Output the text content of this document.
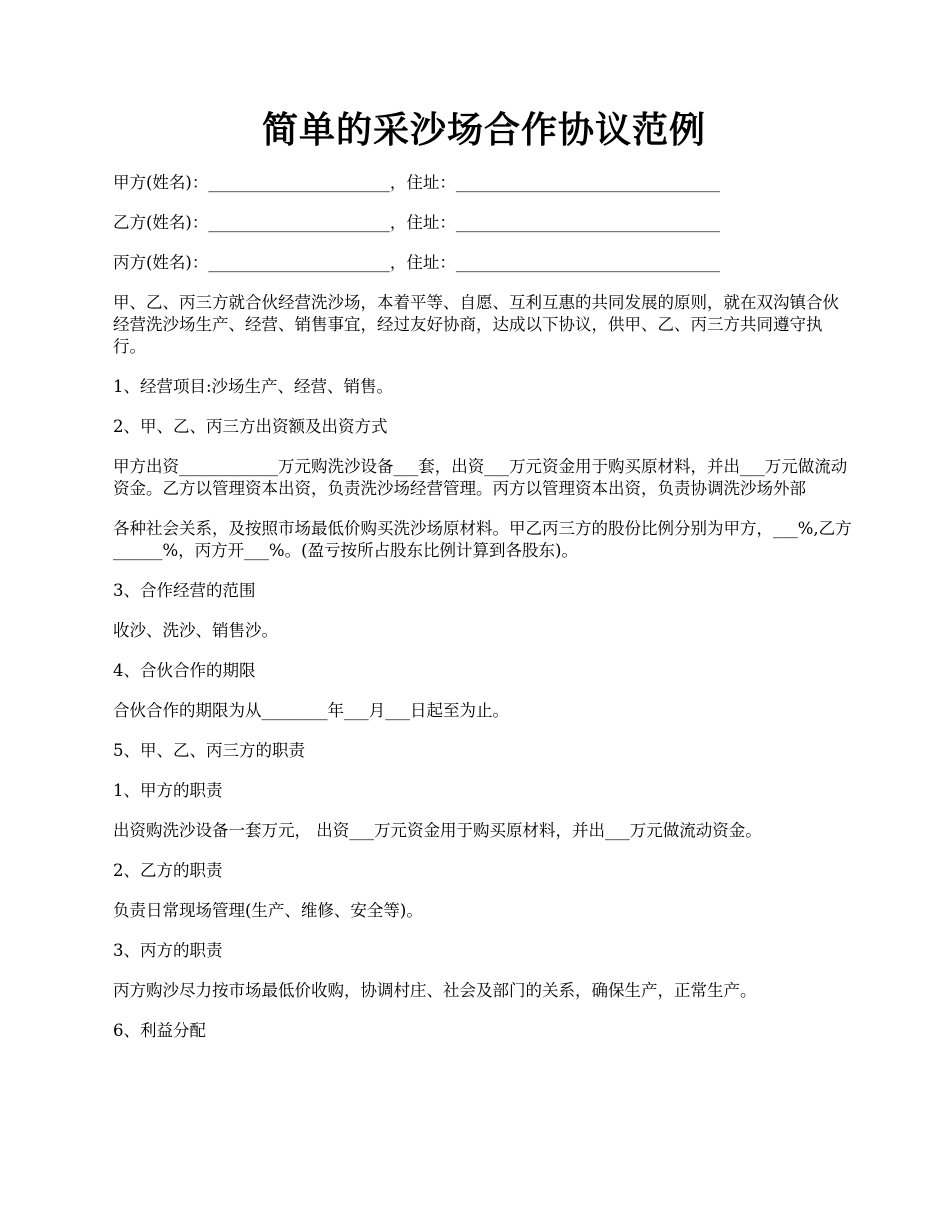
简单的采沙场合作协议范例

甲方(姓名)：______________________，住址：________________________________

乙方(姓名)：______________________，住址：________________________________

丙方(姓名)：______________________，住址：________________________________

甲、乙、丙三方就合伙经营洗沙场，本着平等、自愿、互利互惠的共同发展的原则，就在双沟镇合伙经营洗沙场生产、经营、销售事宜，经过友好协商，达成以下协议，供甲、乙、丙三方共同遵守执行。

1、经营项目:沙场生产、经营、销售。

2、甲、乙、丙三方出资额及出资方式

甲方出资____________万元购洗沙设备___套，出资___万元资金用于购买原材料，并出___万元做流动资金。乙方以管理资本出资，负责洗沙场经营管理。丙方以管理资本出资，负责协调洗沙场外部

各种社会关系，及按照市场最低价购买洗沙场原材料。甲乙丙三方的股份比例分别为甲方，___%,乙方______%，丙方开___%。(盈亏按所占股东比例计算到各股东)。

3、合作经营的范围

收沙、洗沙、销售沙。

4、合伙合作的期限

合伙合作的期限为从________年___月___日起至为止。

5、甲、乙、丙三方的职责

1、甲方的职责

出资购洗沙设备一套万元， 出资___万元资金用于购买原材料，并出___万元做流动资金。

2、乙方的职责

负责日常现场管理(生产、维修、安全等)。

3、丙方的职责

丙方购沙尽力按市场最低价收购，协调村庄、社会及部门的关系，确保生产，正常生产。

6、利益分配
